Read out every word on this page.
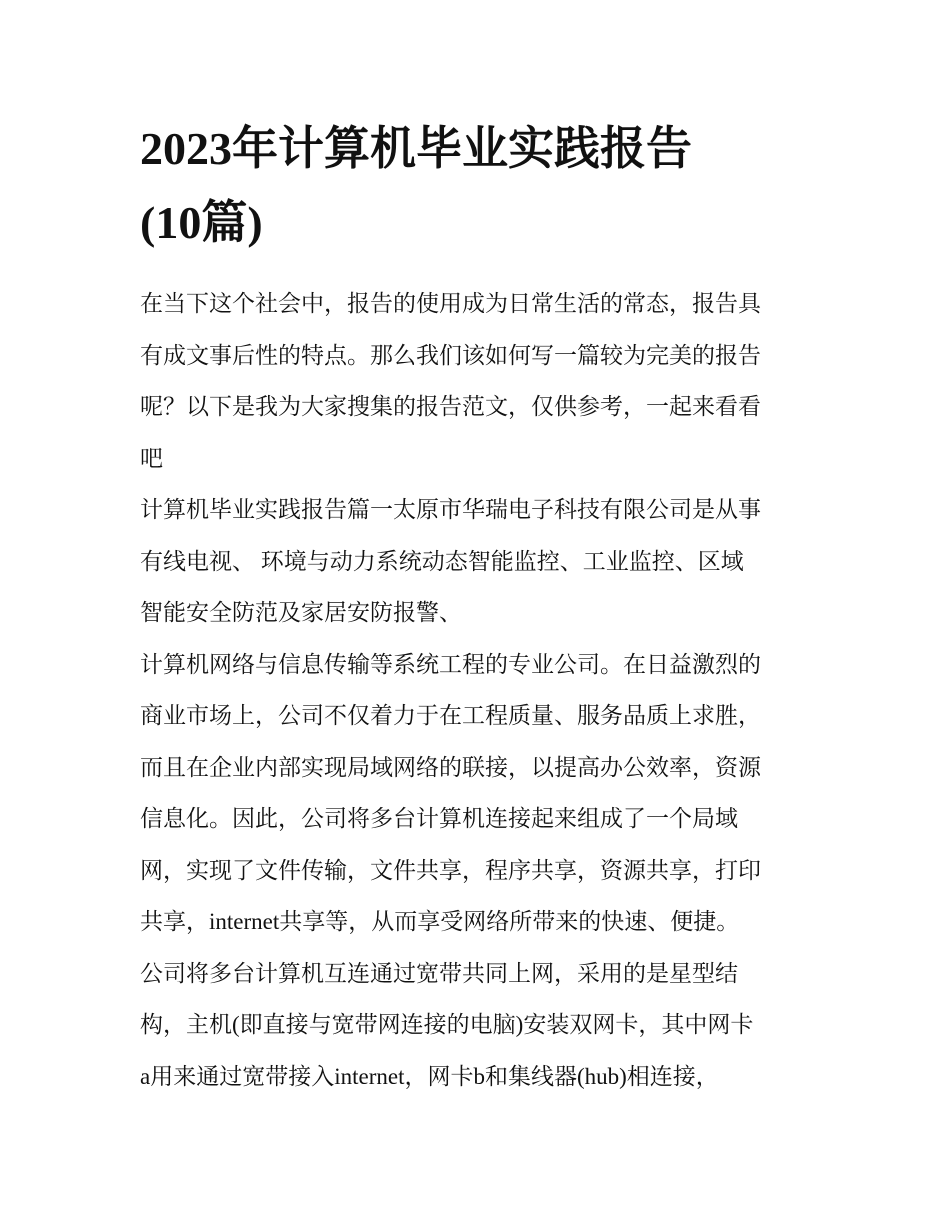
2023年计算机毕业实践报告
(10篇)
在当下这个社会中，报告的使用成为日常生活的常态，报告具
有成文事后性的特点。那么我们该如何写一篇较为完美的报告
呢？以下是我为大家搜集的报告范文，仅供参考，一起来看看
吧
计算机毕业实践报告篇一太原市华瑞电子科技有限公司是从事
有线电视、 环境与动力系统动态智能监控、工业监控、区域
智能安全防范及家居安防报警、
计算机网络与信息传输等系统工程的专业公司。在日益激烈的
商业市场上，公司不仅着力于在工程质量、服务品质上求胜，
而且在企业内部实现局域网络的联接，以提高办公效率，资源
信息化。因此，公司将多台计算机连接起来组成了一个局域
网，实现了文件传输，文件共享，程序共享，资源共享，打印
共享，internet共享等，从而享受网络所带来的快速、便捷。
公司将多台计算机互连通过宽带共同上网，采用的是星型结
构，主机(即直接与宽带网连接的电脑)安装双网卡，其中网卡
a用来通过宽带接入internet，网卡b和集线器(hub)相连接，
